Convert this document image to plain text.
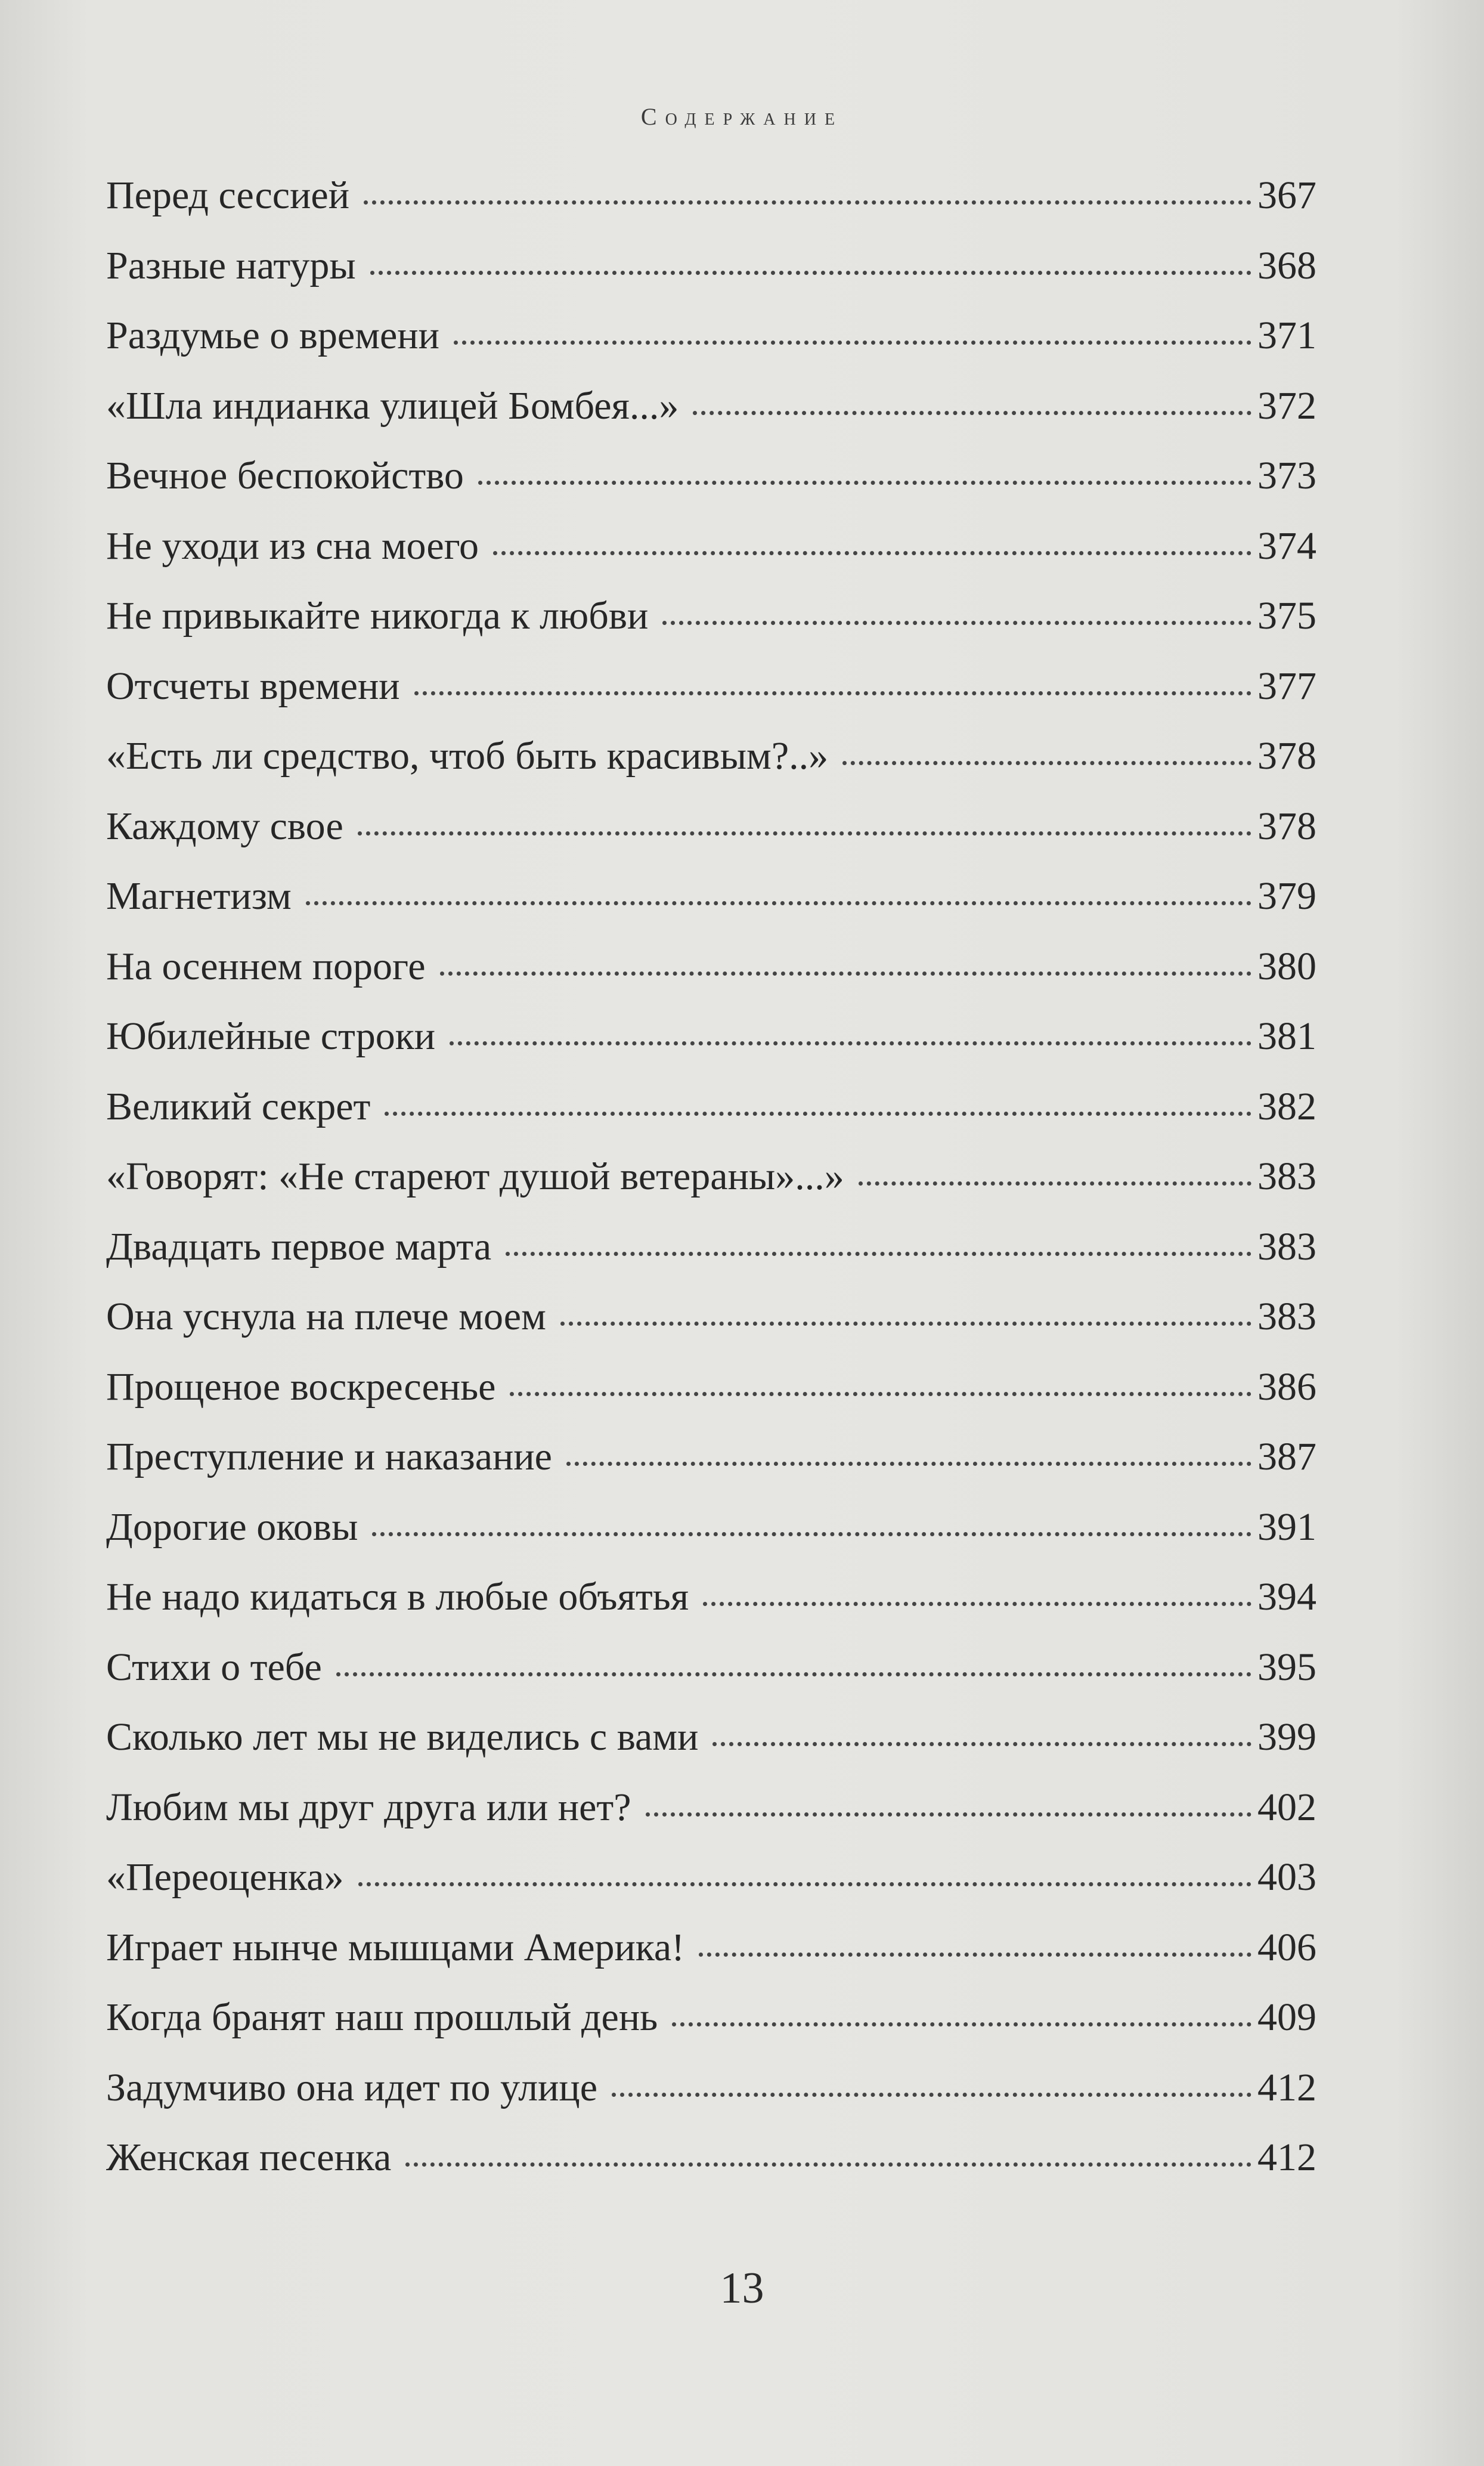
Содержание
Перед сессией	367
Разные натуры	368
Раздумье о времени	371
«Шла индианка улицей Бомбея...»	372
Вечное беспокойство	373
Не уходи из сна моего	374
Не привыкайте никогда к любви	375
Отсчеты времени	377
«Есть ли средство, чтоб быть красивым?..»	378
Каждому свое	378
Магнетизм	379
На осеннем пороге	380
Юбилейные строки	381
Великий секрет	382
«Говорят: «Не стареют душой ветераны»...»	383
Двадцать первое марта	383
Она уснула на плече моем	383
Прощеное воскресенье	386
Преступление и наказание	387
Дорогие оковы	391
Не надо кидаться в любые объятья	394
Стихи о тебе	395
Сколько лет мы не виделись с вами	399
Любим мы друг друга или нет?	402
«Переоценка»	403
Играет нынче мышцами Америка!	406
Когда бранят наш прошлый день	409
Задумчиво она идет по улице	412
Женская песенка	412
13
